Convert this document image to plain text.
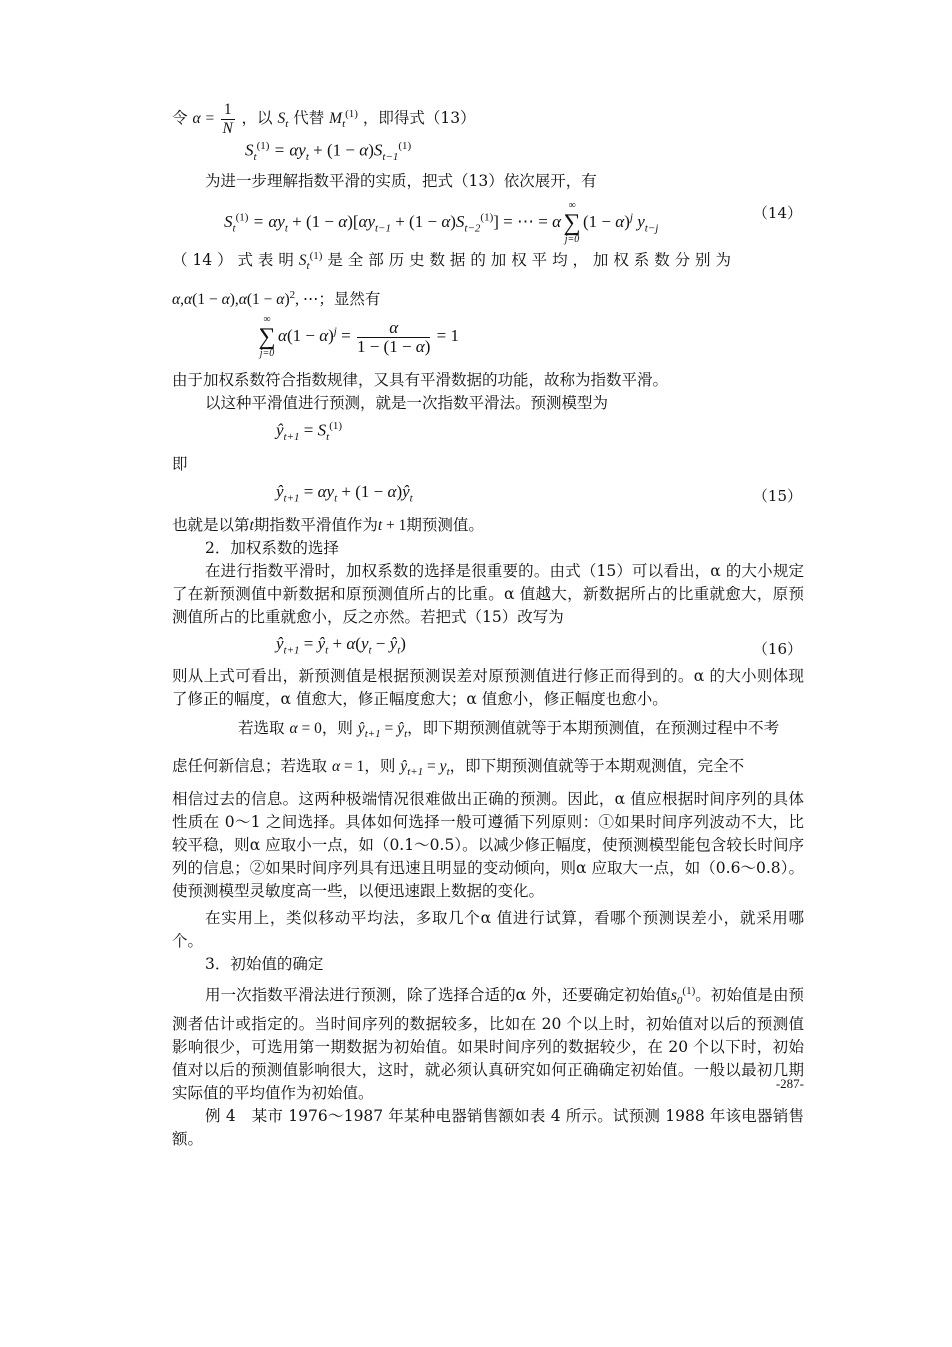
令 $\alpha = \frac{1}{N}$ ，以 $S_t$ 代替 $M_t^{(1)}$ ，即得式（13）
$S_t^{(1)} = \alpha y_t + (1 - \alpha)S_{t-1}^{(1)}$

为进一步理解指数平滑的实质，把式（13）依次展开，有

$S_t^{(1)} = \alpha y_t + (1 - \alpha)[\alpha y_{t-1} + (1 - \alpha)S_{t-2}^{(1)}]$ = ⋯ = α
∞
∑
j=0
$(1 - \alpha)^j$ $y_{t-j}$
（14）
（ 14 ） 式 表 明 $S_t^{(1)}$ 是 全 部 历 史 数 据 的 加 权 平 均 ， 加 权 系 数 分 别 为
$\alpha,\alpha(1 - \alpha),\alpha(1 - \alpha)^2$, ⋯；显然有
∞
∑
j=0
$\alpha(1 - \alpha)^j = \frac{\alpha}{1 - (1 - \alpha)} = 1$

由于加权系数符合指数规律，又具有平滑数据的功能，故称为指数平滑。

以这种平滑值进行预测，就是一次指数平滑法。预测模型为

$ŷ_{t+1} = S_t^{(1)}$

即

$ŷ_{t+1} = \alpha y_t + (1$ − $\alpha)ŷ_t$	（15）
也就是以第t期指数平滑值作为t + 1期预测值。

2．加权系数的选择

在进行指数平滑时，加权系数的选择是很重要的。由式（15）可以看出，α 的大小规定了在新预测值中新数据和原预测值所占的比重。α 值越大，新数据所占的比重就愈大，原预测值所占的比重就愈小，反之亦然。若把式（15）改写为

$ŷ_{t+1}$ = $ŷ_t + \alpha(y_t$ − $ŷ_t$)	（16）

则从上式可看出，新预测值是根据预测误差对原预测值进行修正而得到的。α 的大小则体现了修正的幅度，α 值愈大，修正幅度愈大；α 值愈小，修正幅度也愈小。

若选取 α = 0，则 $ŷ_{t+1}$ = $ŷ_t$，即下期预测值就等于本期预测值，在预测过程中不考
虑任何新信息；若选取 α = 1，则 $ŷ_{t+1} = y_t$，即下期预测值就等于本期观测值，完全不

相信过去的信息。这两种极端情况很难做出正确的预测。因此，α 值应根据时间序列的具体性质在 0～1 之间选择。具体如何选择一般可遵循下列原则：①如果时间序列波动不大，比较平稳，则α 应取小一点，如（0.1～0.5）。以减少修正幅度，使预测模型能包含较长时间序列的信息；②如果时间序列具有迅速且明显的变动倾向，则α 应取大一点，如（0.6～0.8）。使预测模型灵敏度高一些，以便迅速跟上数据的变化。

在实用上，类似移动平均法，多取几个α 值进行试算，看哪个预测误差小，就采用哪个。

3．初始值的确定

用一次指数平滑法进行预测，除了选择合适的α 外，还要确定初始值$s_0^{(1)}$。初始值是由预测者估计或指定的。当时间序列的数据较多，比如在 20 个以上时，初始值对以后的预测值影响很少，可选用第一期数据为初始值。如果时间序列的数据较少，在 20 个以下时，初始值对以后的预测值影响很大，这时，就必须认真研究如何正确确定初始值。一般以最初几期实际值的平均值作为初始值。

例 4　某市 1976～1987 年某种电器销售额如表 4 所示。试预测 1988 年该电器销售额。

-287-
